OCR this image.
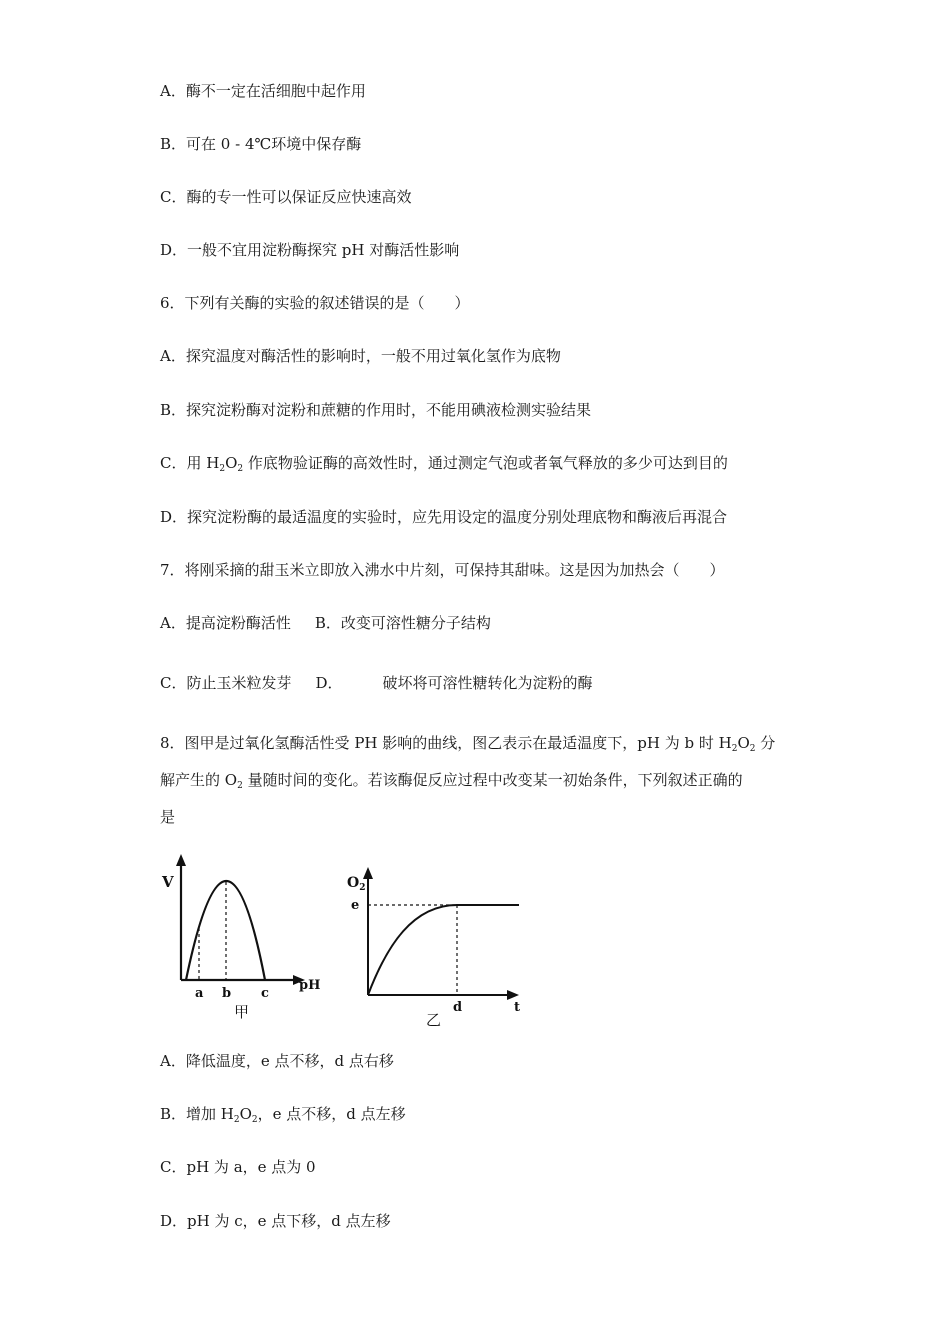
A．酶不一定在活细胞中起作用
B．可在 0 - 4℃环境中保存酶
C．酶的专一性可以保证反应快速高效
D．一般不宜用淀粉酶探究 pH 对酶活性影响
6．下列有关酶的实验的叙述错误的是（　　）
A．探究温度对酶活性的影响时，一般不用过氧化氢作为底物
B．探究淀粉酶对淀粉和蔗糖的作用时，不能用碘液检测实验结果
C．用 $H_2O_2$ 作底物验证酶的高效性时，通过测定气泡或者氧气释放的多少可达到目的
D．探究淀粉酶的最适温度的实验时，应先用设定的温度分别处理底物和酶液后再混合
7．将刚采摘的甜玉米立即放入沸水中片刻，可保持其甜味。这是因为加热会（　　）
A．提高淀粉酶活性 B．改变可溶性糖分子结构
C．防止玉米粒发芽 D．	破坏将可溶性糖转化为淀粉的酶
8．图甲是过氧化氢酶活性受 PH 影响的曲线，图乙表示在最适温度下，pH 为 b 时 $H_2O_2$ 分
解产生的 $O_2$ 量随时间的变化。若该酶促反应过程中改变某一初始条件，下列叙述正确的
是
V
pH
a b c
甲
$O_2$
e
d	t
乙
A．降低温度，e 点不移，d 点右移
B．增加 $H_2O_2$，e 点不移，d 点左移
C．pH 为 a，e 点为 0
D．pH 为 c，e 点下移，d 点左移
